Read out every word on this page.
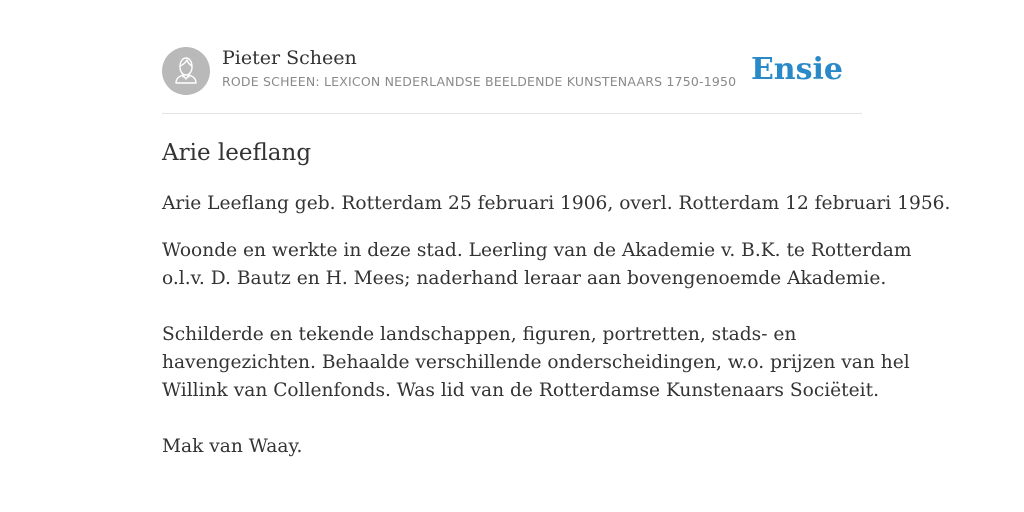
Pieter Scheen
RODE SCHEEN: LEXICON NEDERLANDSE BEELDENDE KUNSTENAARS 1750-1950 Ensie
Arie leeflang

Arie Leeflang geb. Rotterdam 25 februari 1906, overl. Rotterdam 12 februari 1956.

Woonde en werkte in deze stad. Leerling van de Akademie v. B.K. te Rotterdam
o.l.v. D. Bautz en H. Mees; naderhand leraar aan bovengenoemde Akademie.

Schilderde en tekende landschappen, figuren, portretten, stads- en
havengezichten. Behaalde verschillende onderscheidingen, w.o. prijzen van hel
Willink van Collenfonds. Was lid van de Rotterdamse Kunstenaars Sociëteit.

Mak van Waay.
